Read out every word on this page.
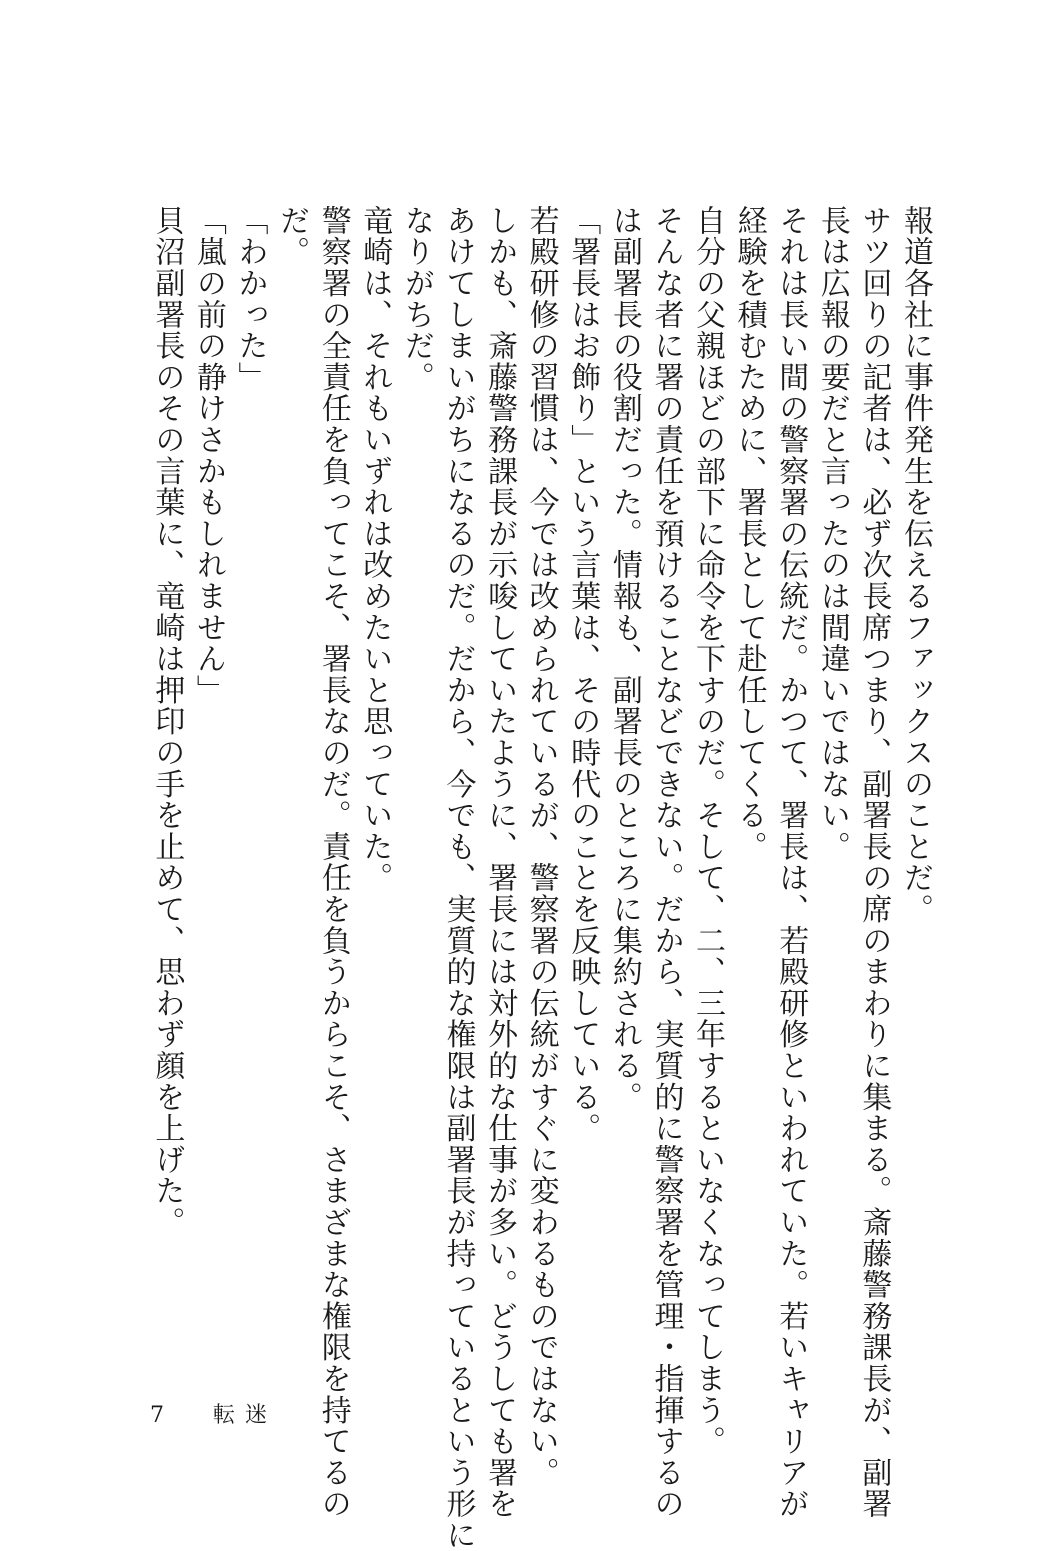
報道各社に事件発生を伝えるファックスのことだ。

サツ回りの記者は、必ず次長席つまり、副署長の席のまわりに集まる。斎藤警務課長が、副署

長は広報の要だと言ったのは間違いではない。

それは長い間の警察署の伝統だ。かつて、署長は、若殿研修といわれていた。若いキャリアが

経験を積むために、署長として赴任してくる。

自分の父親ほどの部下に命令を下すのだ。そして、二、三年するといなくなってしまう。

そんな者に署の責任を預けることなどできない。だから、実質的に警察署を管理・指揮するの

は副署長の役割だった。情報も、副署長のところに集約される。

「署長はお飾り」という言葉は、その時代のことを反映している。

若殿研修の習慣は、今では改められているが、警察署の伝統がすぐに変わるものではない。

しかも、斎藤警務課長が示唆していたように、署長には対外的な仕事が多い。どうしても署を

あけてしまいがちになるのだ。だから、今でも、実質的な権限は副署長が持っているという形に

なりがちだ。

竜崎は、それもいずれは改めたいと思っていた。

警察署の全責任を負ってこそ、署長なのだ。責任を負うからこそ、さまざまな権限を持てるの

だ。

「わかった」

「嵐の前の静けさかもしれません」

貝沼副署長のその言葉に、竜崎は押印の手を止めて、思わず顔を上げた。

7 転迷
